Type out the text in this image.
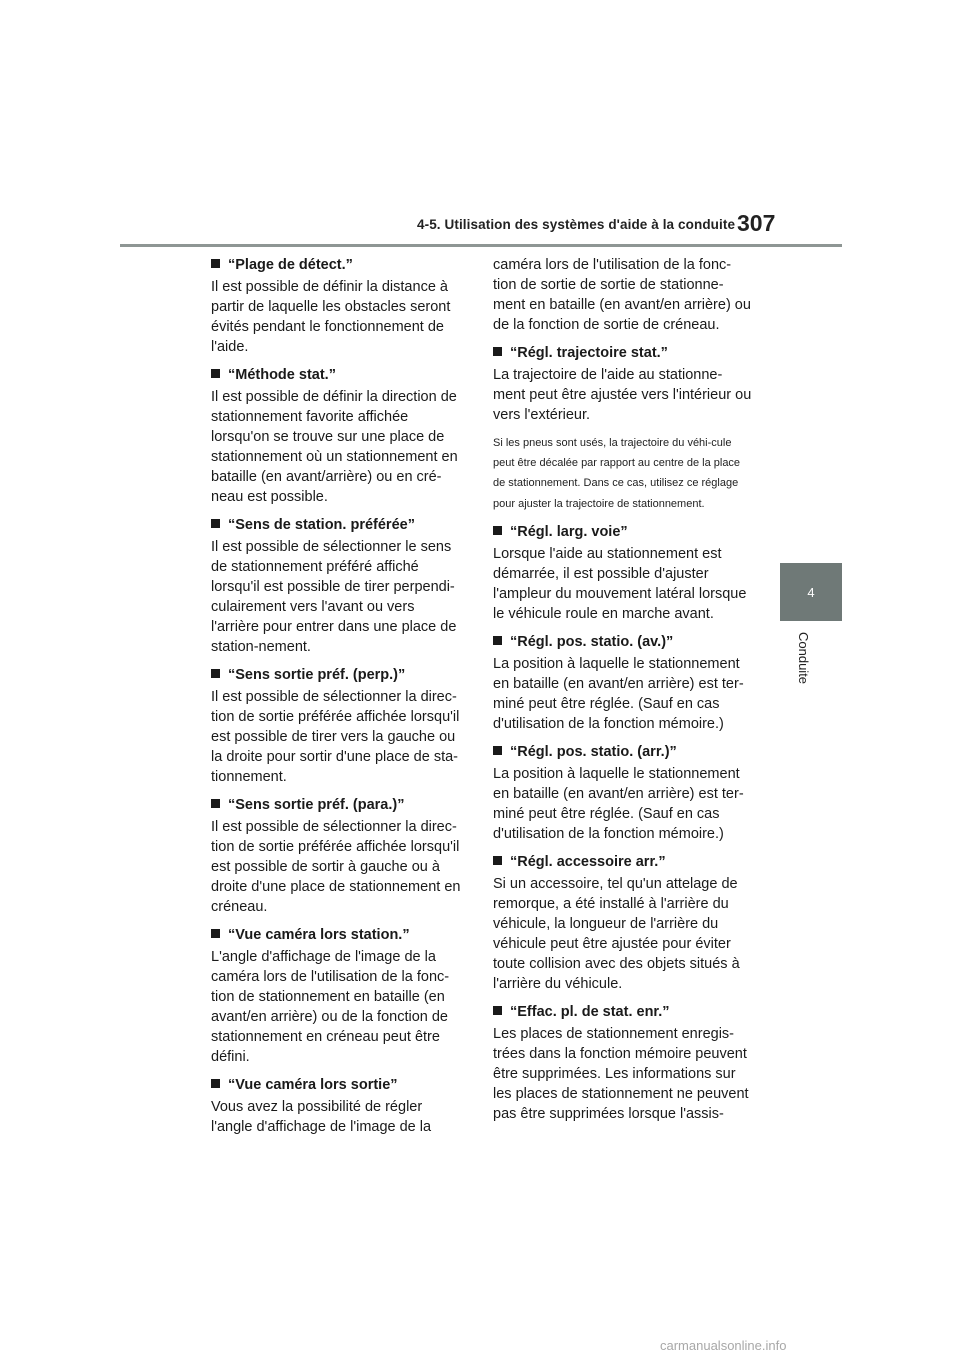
4-5. Utilisation des systèmes d'aide à la conduite 307
4
Conduite

“Plage de détect.”

Il est possible de définir la distance à partir de laquelle les obstacles seront évités pendant le fonctionnement de l'aide.

“Méthode stat.”

Il est possible de définir la direction de stationnement favorite affichée lorsqu'on se trouve sur une place de stationnement où un stationnement en bataille (en avant/arrière) ou en cré-neau est possible.

“Sens de station. préférée”

Il est possible de sélectionner le sens de stationnement préféré affiché lorsqu'il est possible de tirer perpendi-culairement vers l'avant ou vers l'arrière pour entrer dans une place de station-nement.

“Sens sortie préf. (perp.)”

Il est possible de sélectionner la direc-tion de sortie préférée affichée lorsqu'il est possible de tirer vers la gauche ou la droite pour sortir d'une place de sta-tionnement.

“Sens sortie préf. (para.)”

Il est possible de sélectionner la direc-tion de sortie préférée affichée lorsqu'il est possible de sortir à gauche ou à droite d'une place de stationnement en créneau.

“Vue caméra lors station.”

L'angle d'affichage de l'image de la caméra lors de l'utilisation de la fonc-tion de stationnement en bataille (en avant/en arrière) ou de la fonction de stationnement en créneau peut être défini.

“Vue caméra lors sortie”

Vous avez la possibilité de régler l'angle d'affichage de l'image de la

caméra lors de l'utilisation de la fonc-tion de sortie de sortie de stationne-ment en bataille (en avant/en arrière) ou de la fonction de sortie de créneau.

“Régl. trajectoire stat.”

La trajectoire de l'aide au stationne-ment peut être ajustée vers l'intérieur ou vers l'extérieur.

Si les pneus sont usés, la trajectoire du véhi-cule peut être décalée par rapport au centre de la place de stationnement. Dans ce cas, utilisez ce réglage pour ajuster la trajectoire de stationnement.

“Régl. larg. voie”

Lorsque l'aide au stationnement est démarrée, il est possible d'ajuster l'ampleur du mouvement latéral lorsque le véhicule roule en marche avant.

“Régl. pos. statio. (av.)”

La position à laquelle le stationnement en bataille (en avant/en arrière) est ter-miné peut être réglée. (Sauf en cas d'utilisation de la fonction mémoire.)

“Régl. pos. statio. (arr.)”

La position à laquelle le stationnement en bataille (en avant/en arrière) est ter-miné peut être réglée. (Sauf en cas d'utilisation de la fonction mémoire.)

“Régl. accessoire arr.”

Si un accessoire, tel qu'un attelage de remorque, a été installé à l'arrière du véhicule, la longueur de l'arrière du véhicule peut être ajustée pour éviter toute collision avec des objets situés à l'arrière du véhicule.

“Effac. pl. de stat. enr.”

Les places de stationnement enregis-trées dans la fonction mémoire peuvent être supprimées. Les informations sur les places de stationnement ne peuvent pas être supprimées lorsque l'assis-

carmanualsonline.info
